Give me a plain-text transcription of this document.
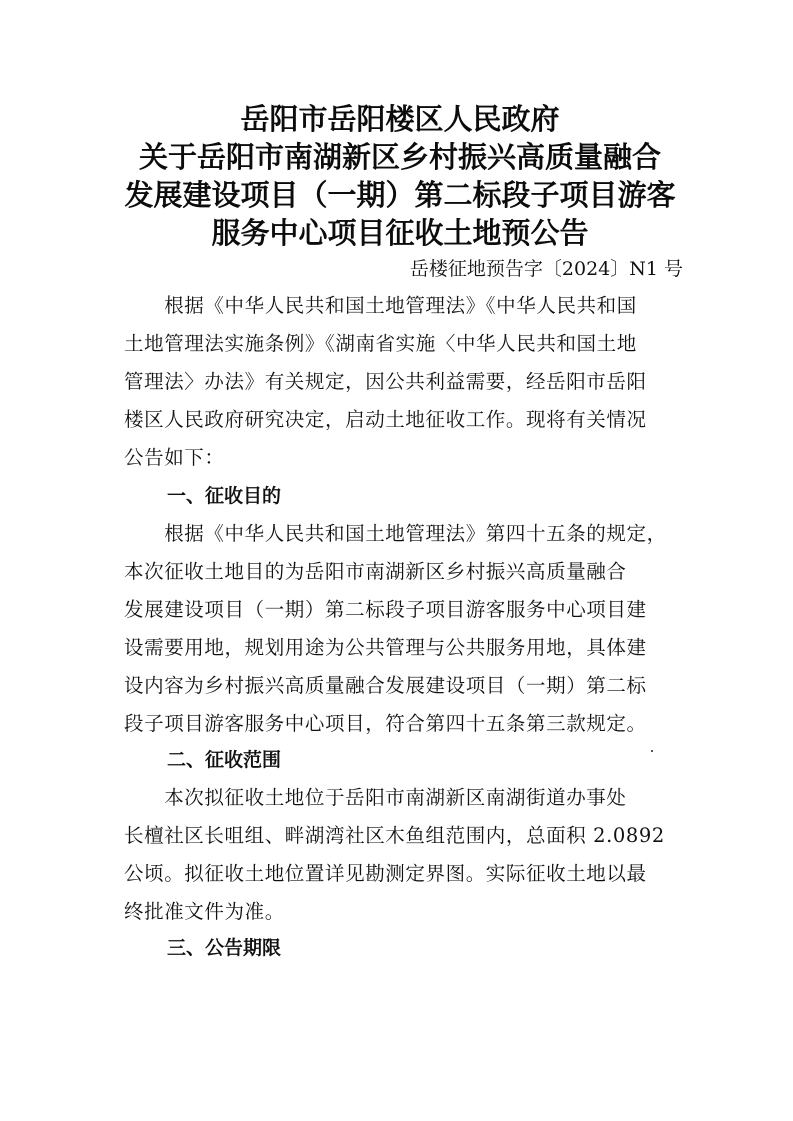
岳阳市岳阳楼区人民政府
关于岳阳市南湖新区乡村振兴高质量融合
发展建设项目（一期）第二标段子项目游客
服务中心项目征收土地预公告
岳楼征地预告字〔2024〕N1 号
　　根据《中华人民共和国土地管理法》《中华人民共和国
土地管理法实施条例》《湖南省实施〈中华人民共和国土地
管理法〉办法》有关规定，因公共利益需要，经岳阳市岳阳
楼区人民政府研究决定，启动土地征收工作。现将有关情况
公告如下：
一、征收目的
　　根据《中华人民共和国土地管理法》第四十五条的规定，
本次征收土地目的为岳阳市南湖新区乡村振兴高质量融合
发展建设项目（一期）第二标段子项目游客服务中心项目建
设需要用地，规划用途为公共管理与公共服务用地，具体建
设内容为乡村振兴高质量融合发展建设项目（一期）第二标
段子项目游客服务中心项目，符合第四十五条第三款规定。
二、征收范围
　　本次拟征收土地位于岳阳市南湖新区南湖街道办事处
长檀社区长咀组、畔湖湾社区木鱼组范围内，总面积 2.0892
公顷。拟征收土地位置详见勘测定界图。实际征收土地以最
终批准文件为准。
三、公告期限
